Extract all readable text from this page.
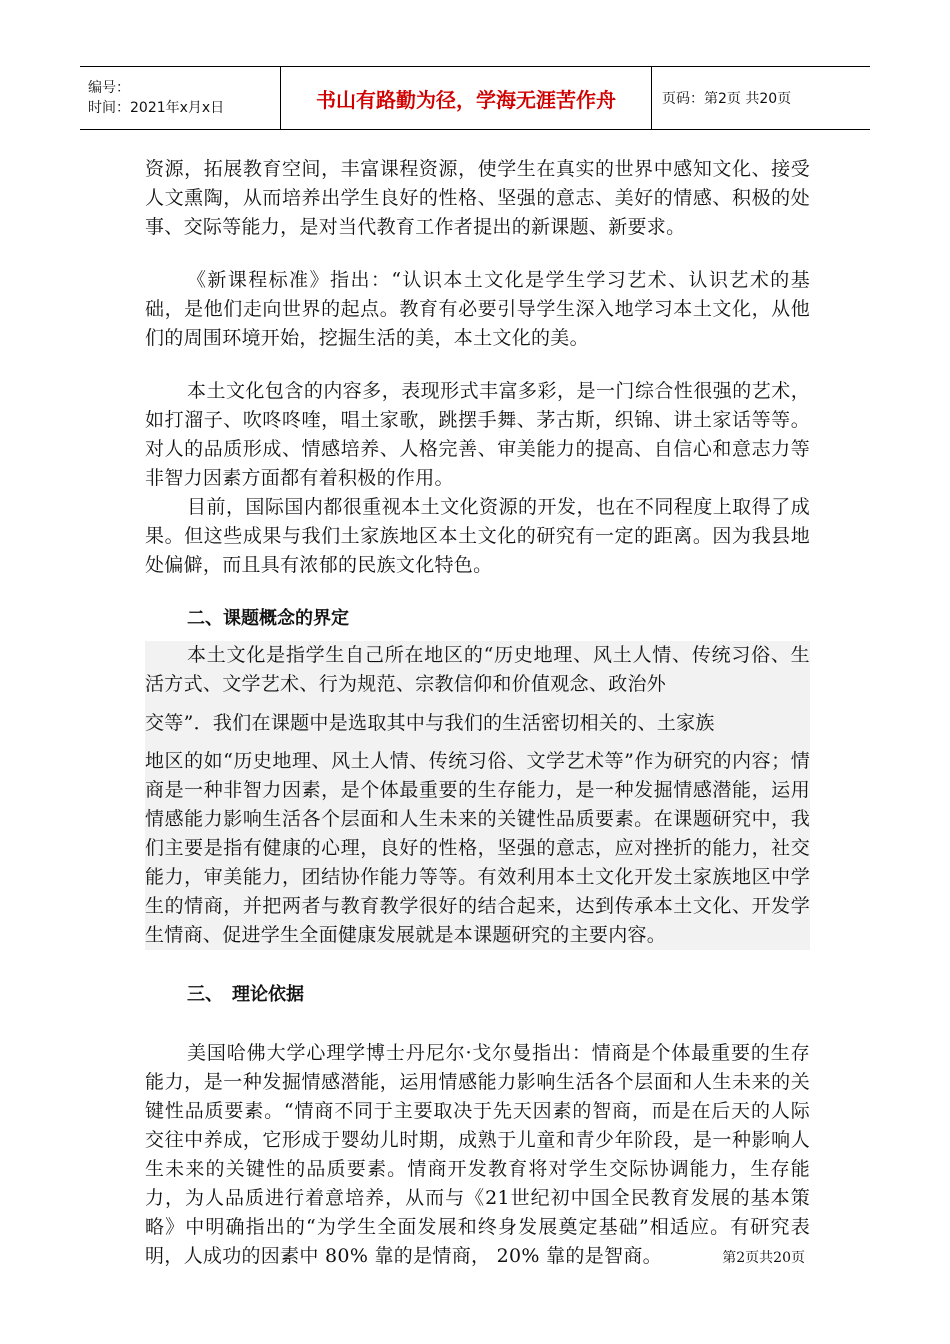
编号：
时间：2021年x月x日	书山有路勤为径，学海无涯苦作舟	页码：第2页 共20页

资源，拓展教育空间，丰富课程资源，使学生在真实的世界中感知文化、接受人文熏陶，从而培养出学生良好的性格、坚强的意志、美好的情感、积极的处事、交际等能力，是对当代教育工作者提出的新课题、新要求。

《新课程标准》指出：“认识本土文化是学生学习艺术、认识艺术的基础，是他们走向世界的起点。教育有必要引导学生深入地学习本土文化，从他们的周围环境开始，挖掘生活的美，本土文化的美。

本土文化包含的内容多，表现形式丰富多彩，是一门综合性很强的艺术，如打溜子、吹咚咚喹，唱土家歌，跳摆手舞、茅古斯，织锦、讲土家话等等。对人的品质形成、情感培养、人格完善、审美能力的提高、自信心和意志力等非智力因素方面都有着积极的作用。

目前，国际国内都很重视本土文化资源的开发，也在不同程度上取得了成果。但这些成果与我们土家族地区本土文化的研究有一定的距离。因为我县地处偏僻，而且具有浓郁的民族文化特色。

二、课题概念的界定

本土文化是指学生自己所在地区的“历史地理、风土人情、传统习俗、生活方式、文学艺术、行为规范、宗教信仰和价值观念、政治外

交等”．我们在课题中是选取其中与我们的生活密切相关的、土家族

地区的如“历史地理、风土人情、传统习俗、文学艺术等”作为研究的内容；情商是一种非智力因素，是个体最重要的生存能力，是一种发掘情感潜能，运用情感能力影响生活各个层面和人生未来的关键性品质要素。在课题研究中，我们主要是指有健康的心理，良好的性格，坚强的意志，应对挫折的能力，社交能力，审美能力，团结协作能力等等。有效利用本土文化开发土家族地区中学生的情商，并把两者与教育教学很好的结合起来，达到传承本土文化、开发学生情商、促进学生全面健康发展就是本课题研究的主要内容。

三、　理论依据

美国哈佛大学心理学博士丹尼尔·戈尔曼指出：情商是个体最重要的生存能力，是一种发掘情感潜能，运用情感能力影响生活各个层面和人生未来的关键性品质要素。“情商不同于主要取决于先天因素的智商，而是在后天的人际交往中养成，它形成于婴幼儿时期，成熟于儿童和青少年阶段，是一种影响人生未来的关键性的品质要素。情商开发教育将对学生交际协调能力，生存能力，为人品质进行着意培养，从而与《21世纪初中国全民教育发展的基本策略》中明确指出的“为学生全面发展和终身发展奠定基础”相适应。有研究表明，人成功的因素中 80% 靠的是情商， 20% 靠的是智商。	第2页共20页
